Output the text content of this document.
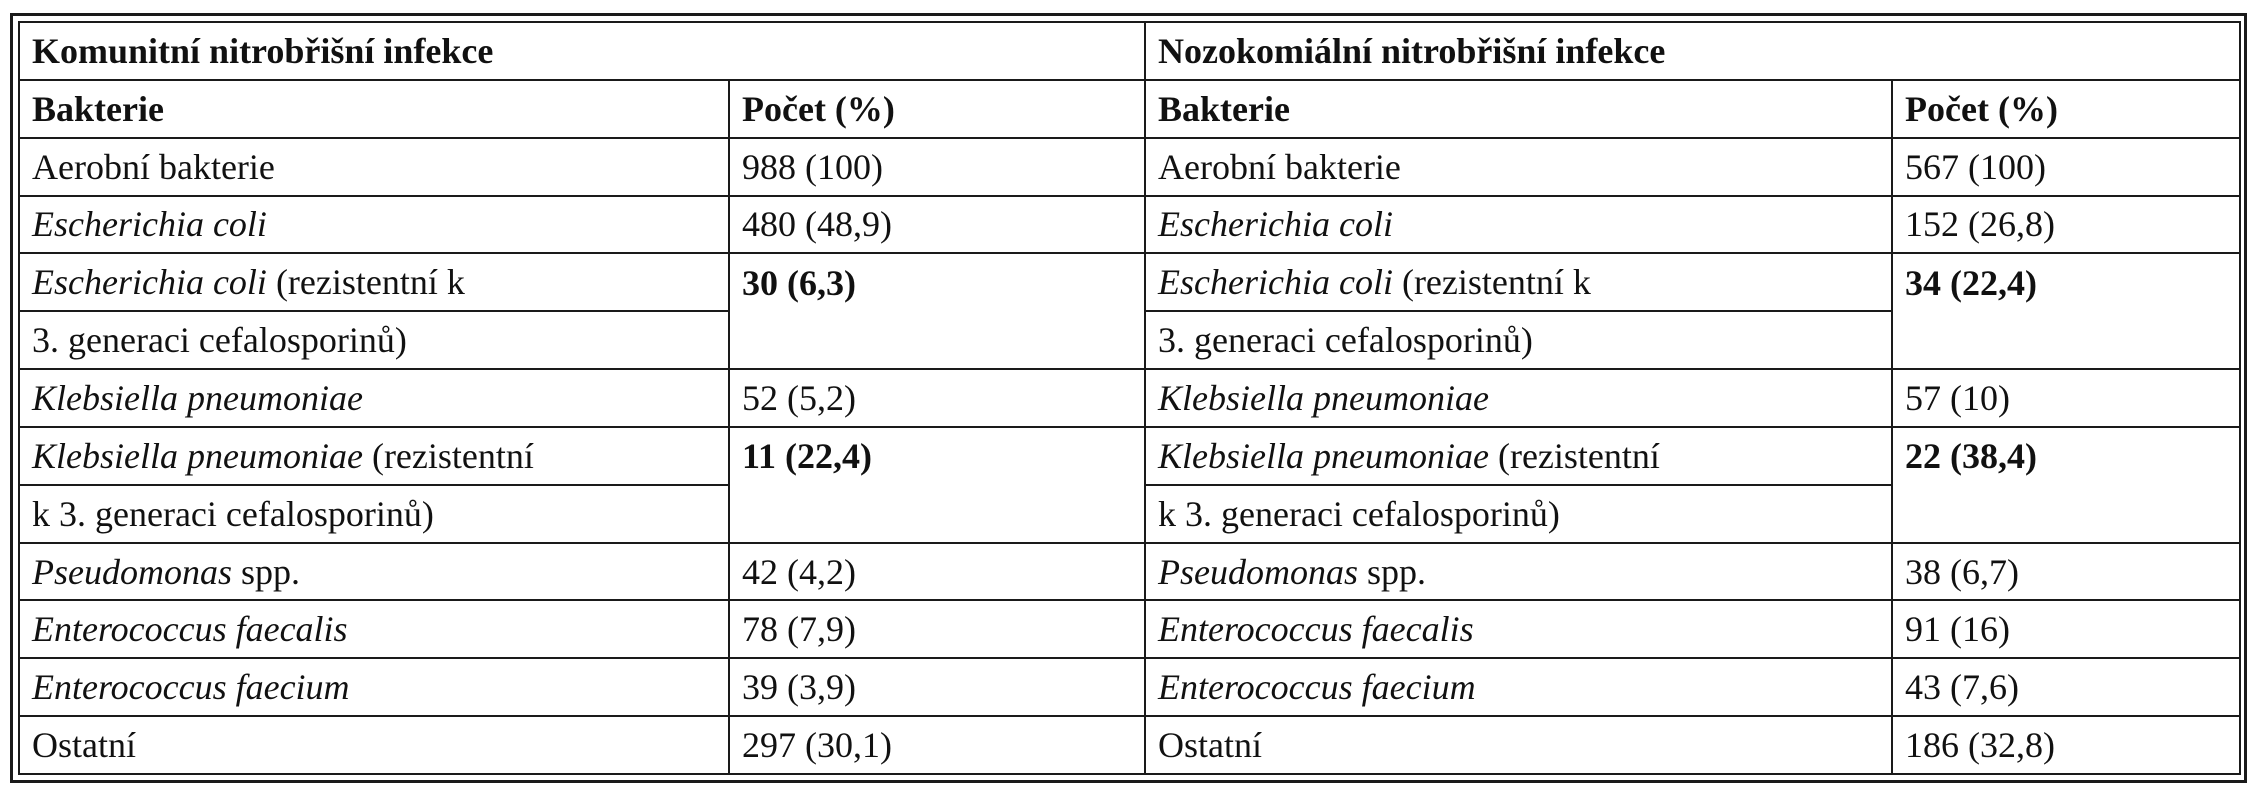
Komunitní nitrobřišní infekce		Nozokomiální nitrobřišní infekce	
Bakterie	Počet (%)	Bakterie	Počet (%)
Aerobní bakterie	988 (100)	Aerobní bakterie	567 (100)
Escherichia coli	480 (48,9)	Escherichia coli	152 (26,8)
Escherichia coli (rezistentní k	30 (6,3)	Escherichia coli (rezistentní k	34 (22,4)
3. generaci cefalosporinů)		3. generaci cefalosporinů)	
Klebsiella pneumoniae	52 (5,2)	Klebsiella pneumoniae	57 (10)
Klebsiella pneumoniae (rezistentní	11 (22,4)	Klebsiella pneumoniae (rezistentní	22 (38,4)
k 3. generaci cefalosporinů)		k 3. generaci cefalosporinů)	
Pseudomonas spp.	42 (4,2)	Pseudomonas spp.	38 (6,7)
Enterococcus faecalis	78 (7,9)	Enterococcus faecalis	91 (16)
Enterococcus faecium	39 (3,9)	Enterococcus faecium	43 (7,6)
Ostatní	297 (30,1)	Ostatní	186 (32,8)
